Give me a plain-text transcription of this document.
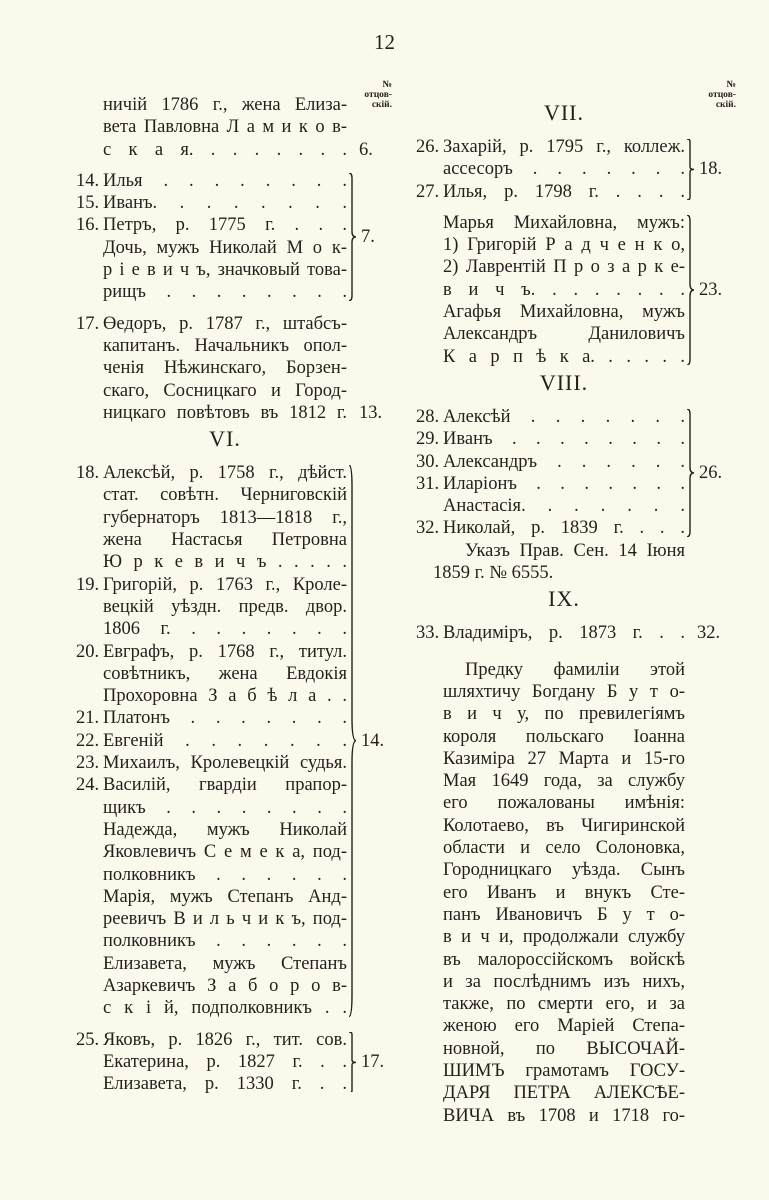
12
№ отцов-
скій.
№ отцов-
скій.
ничій 1786 г., жена Елиза-
вета Павловна Л а м и к о в-
с к а я. . . . . . . . 6.
14. Илья . . . . . . . .
15. Иванъ. . . . . . . .
16. Петръ, р. 1775 г. . . .
Дочь, мужъ Николай М о к-
р і е в и ч ъ, значковый това-
рищъ . . . . . . . .
7.
17. Өедоръ, р. 1787 г., штабсъ-
капитанъ. Начальникъ опол-
ченія Нѣжинскаго, Борзен-
скаго, Сосницкаго и Город-
ницкаго повѣтовъ въ 1812 г. 13.
VI.
18. Алексѣй, р. 1758 г., дѣйст.
стат. совѣтн. Черниговскій
губернаторъ 1813—1818 г.,
жена Настасья Петровна
Ю р к е в и ч ъ . . . . .
19. Григорій, р. 1763 г., Кроле-
вецкій уѣздн. предв. двор.
1806 г. . . . . . . .
20. Евграфъ, р. 1768 г., титул.
совѣтникъ, жена Евдокія
Прохоровна З а б ѣ л а . .
21. Платонъ . . . . . . .
22. Евгеній . . . . . . .
23. Михаилъ, Кролевецкій судья.
24. Василій, гвардіи прапор-
щикъ . . . . . . . .
Надежда, мужъ Николай
Яковлевичъ С е м е к а, под-
полковникъ . . . . . .
Марія, мужъ Степанъ Анд-
реевичъ В и л ь ч и к ъ, под-
полковникъ . . . . . .
Елизавета, мужъ Степанъ
Азаркевичъ З а б о р о в-
с к і й, подполковникъ . .
14.
25. Яковъ, р. 1826 г., тит. сов.
Екатерина, р. 1827 г. . .
Елизавета, р. 1330 г. . .
17.
VII.
26. Захарій, р. 1795 г., коллеж.
ассесоръ . . . . . . .
27. Илья, р. 1798 г. . . . .
18.
Марья Михайловна, мужъ:
1) Григорій Р а д ч е н к о,
2) Лаврентій П р о з а р к е-
в и ч ъ. . . . . . . .
Агафья Михайловна, мужъ
Александръ Даниловичъ
К а р п ѣ к а. . . . . .
23.
VIII.
28. Алексѣй . . . . . . .
29. Иванъ . . . . . . . .
30. Александръ . . . . . .
31. Иларіонъ . . . . . . .
Анастасія. . . . . . .
32. Николай, р. 1839 г. . . .
26.
Указъ Прав. Сен. 14 Іюня
1859 г. № 6555.
IX.
33. Владиміръ, р. 1873 г. . . 32.
Предку фамиліи этой
шляхтичу Богдану Б у т о-
в и ч у, по превилегіямъ
короля польскаго Іоанна
Казиміра 27 Марта и 15-го
Мая 1649 года, за службу
его пожалованы имѣнія:
Колотаево, въ Чигиринской
области и село Солоновка,
Городницкаго уѣзда. Сынъ
его Иванъ и внукъ Сте-
панъ Ивановичъ Б у т о-
в и ч и, продолжали службу
въ малороссійскомъ войскѣ
и за послѣднимъ изъ нихъ,
также, по смерти его, и за
женою его Маріей Степа-
новной, по ВЫСОЧАЙ-
ШИМЪ грамотамъ ГОСУ-
ДАРЯ ПЕТРА АЛЕКСѢЕ-
ВИЧА въ 1708 и 1718 го-
